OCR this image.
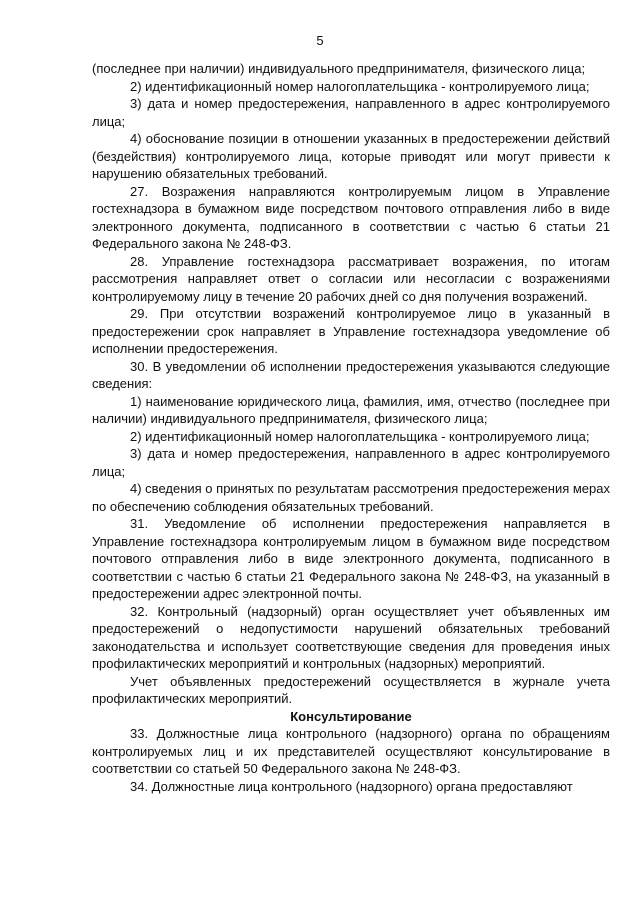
5

(последнее при наличии) индивидуального предпринимателя, физического лица;

2) идентификационный номер налогоплательщика - контролируемого лица;

3) дата и номер предостережения, направленного в адрес контролируемого лица;

4) обоснование позиции в отношении указанных в предостережении действий (бездействия) контролируемого лица, которые приводят или могут привести к нарушению обязательных требований.

27. Возражения направляются контролируемым лицом в Управление гостехнадзора в бумажном виде посредством почтового отправления либо в виде электронного документа, подписанного в соответствии с частью 6 статьи 21 Федерального закона № 248-ФЗ.

28. Управление гостехнадзора рассматривает возражения, по итогам рассмотрения направляет ответ о согласии или несогласии с возражениями контролируемому лицу в течение 20 рабочих дней со дня получения возражений.

29. При отсутствии возражений контролируемое лицо в указанный в предостережении срок направляет в Управление гостехнадзора уведомление об исполнении предостережения.

30. В уведомлении об исполнении предостережения указываются следующие сведения:

1) наименование юридического лица, фамилия, имя, отчество (последнее при наличии) индивидуального предпринимателя, физического лица;

2) идентификационный номер налогоплательщика - контролируемого лица;

3) дата и номер предостережения, направленного в адрес контролируемого лица;

4) сведения о принятых по результатам рассмотрения предостережения мерах по обеспечению соблюдения обязательных требований.

31. Уведомление об исполнении предостережения направляется в Управление гостехнадзора контролируемым лицом в бумажном виде посредством почтового отправления либо в виде электронного документа, подписанного в соответствии с частью 6 статьи 21 Федерального закона № 248-ФЗ, на указанный в предостережении адрес электронной почты.

32. Контрольный (надзорный) орган осуществляет учет объявленных им предостережений о недопустимости нарушений обязательных требований законодательства и использует соответствующие сведения для проведения иных профилактических мероприятий и контрольных (надзорных) мероприятий.

Учет объявленных предостережений осуществляется в журнале учета профилактических мероприятий.

Консультирование

33. Должностные лица контрольного (надзорного) органа по обращениям контролируемых лиц и их представителей осуществляют консультирование в соответствии со статьей 50 Федерального закона № 248-ФЗ.

34. Должностные лица контрольного (надзорного) органа предоставляют
